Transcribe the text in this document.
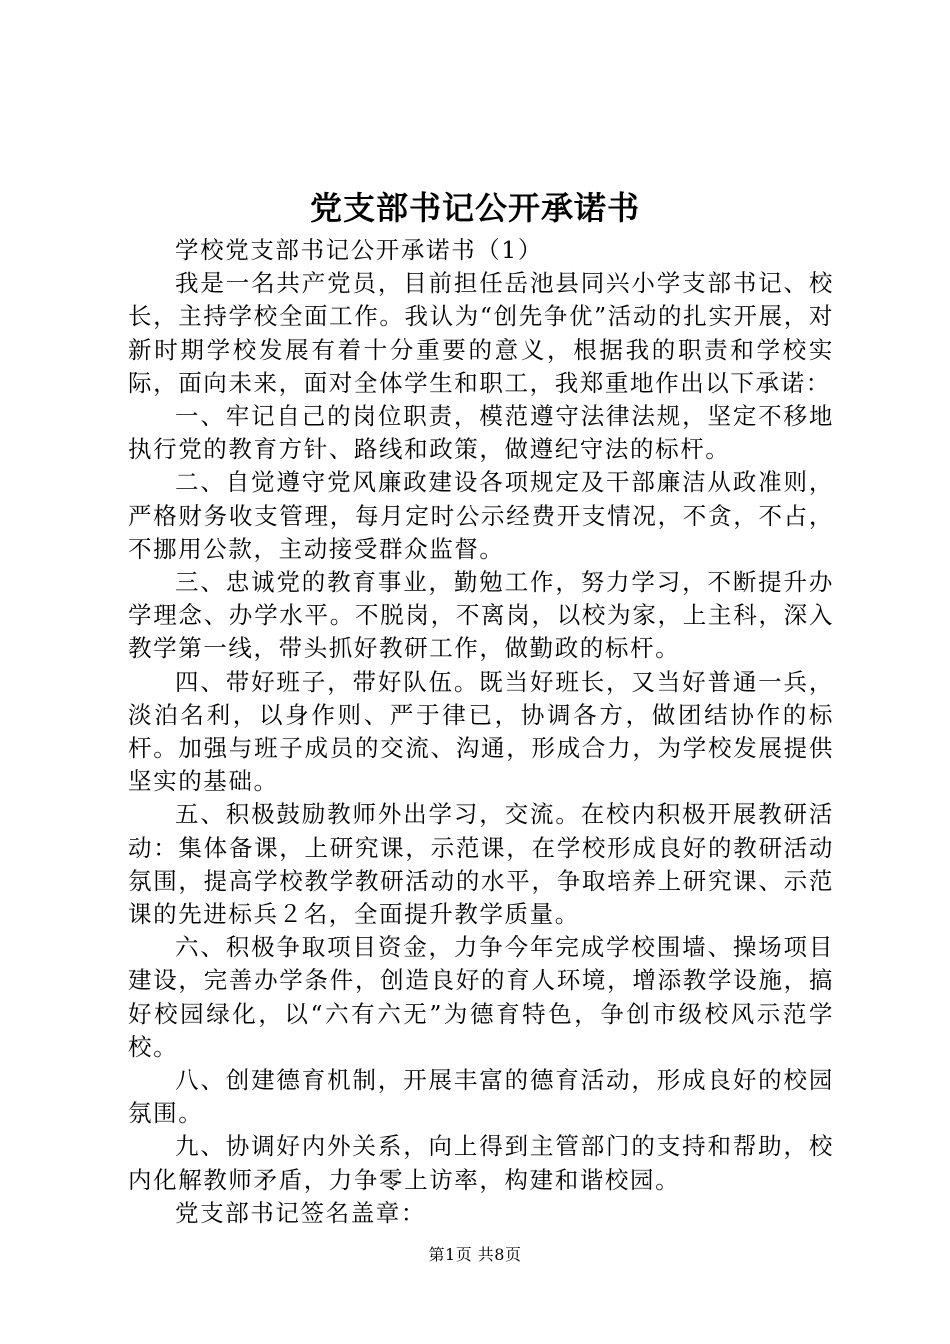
党支部书记公开承诺书

学校党支部书记公开承诺书（1）

我是一名共产党员，目前担任岳池县同兴小学支部书记、校长，主持学校全面工作。我认为“创先争优”活动的扎实开展，对新时期学校发展有着十分重要的意义，根据我的职责和学校实际，面向未来，面对全体学生和职工，我郑重地作出以下承诺：

一、牢记自己的岗位职责，模范遵守法律法规，坚定不移地执行党的教育方针、路线和政策，做遵纪守法的标杆。

二、自觉遵守党风廉政建设各项规定及干部廉洁从政准则，严格财务收支管理，每月定时公示经费开支情况，不贪，不占，不挪用公款，主动接受群众监督。

三、忠诚党的教育事业，勤勉工作，努力学习，不断提升办学理念、办学水平。不脱岗，不离岗，以校为家，上主科，深入教学第一线，带头抓好教研工作，做勤政的标杆。

四、带好班子，带好队伍。既当好班长，又当好普通一兵，淡泊名利，以身作则、严于律已，协调各方，做团结协作的标杆。加强与班子成员的交流、沟通，形成合力，为学校发展提供坚实的基础。

五、积极鼓励教师外出学习，交流。在校内积极开展教研活动：集体备课，上研究课，示范课，在学校形成良好的教研活动氛围，提高学校教学教研活动的水平，争取培养上研究课、示范课的先进标兵２名，全面提升教学质量。

六、积极争取项目资金，力争今年完成学校围墙、操场项目建设，完善办学条件，创造良好的育人环境，增添教学设施，搞好校园绿化，以“六有六无”为德育特色，争创市级校风示范学校。

八、创建德育机制，开展丰富的德育活动，形成良好的校园氛围。

九、协调好内外关系，向上得到主管部门的支持和帮助，校内化解教师矛盾，力争零上访率，构建和谐校园。

党支部书记签名盖章：

第1页 共8页
